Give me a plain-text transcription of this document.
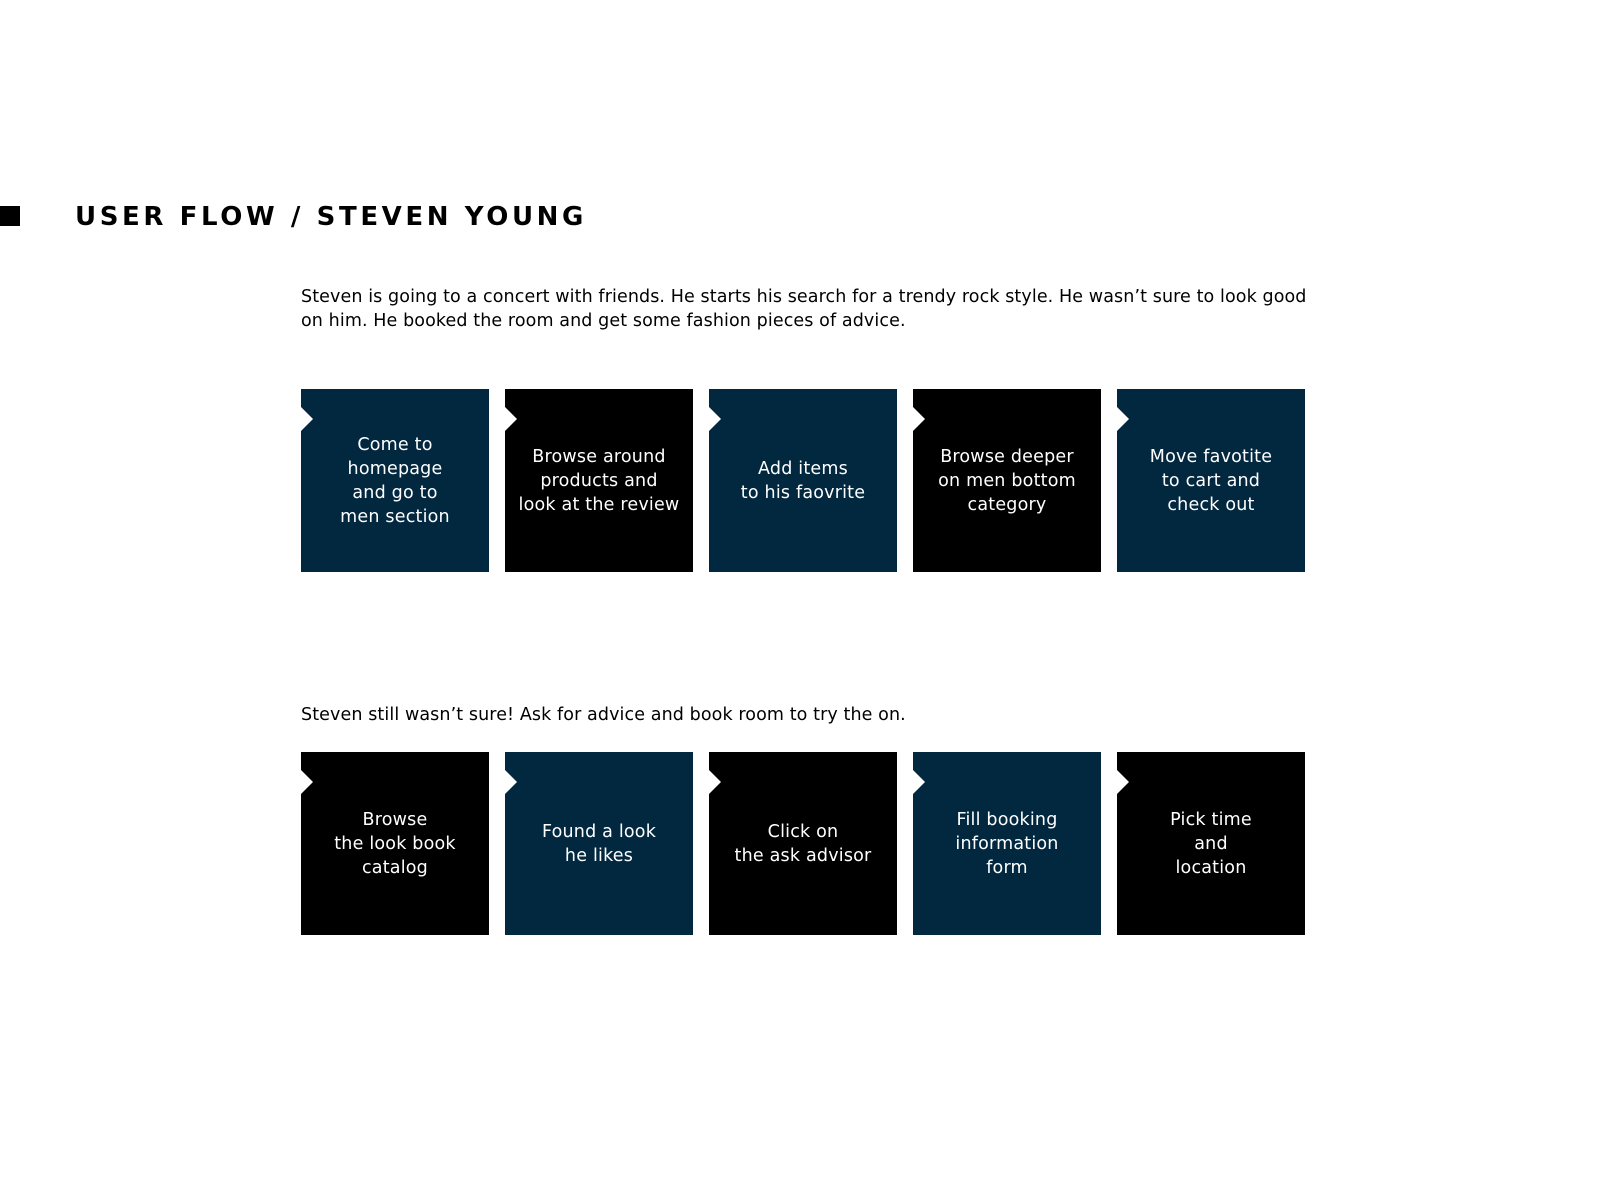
USER FLOW / STEVEN YOUNG

Steven is going to a concert with friends. He starts his search for a trendy rock style. He wasn’t sure to look good on him. He booked the room and get some fashion pieces of advice.

Come to
homepage
and go to
men section
Browse around
products and
look at the review
Add items
to his faovrite
Browse deeper
on men bottom
category
Move favotite
to cart and
check out

Steven still wasn’t sure! Ask for advice and book room to try the on.

Browse
the look book
catalog
Found a look
he likes
Click on
the ask advisor
Fill booking
information
form
Pick time
and
location
